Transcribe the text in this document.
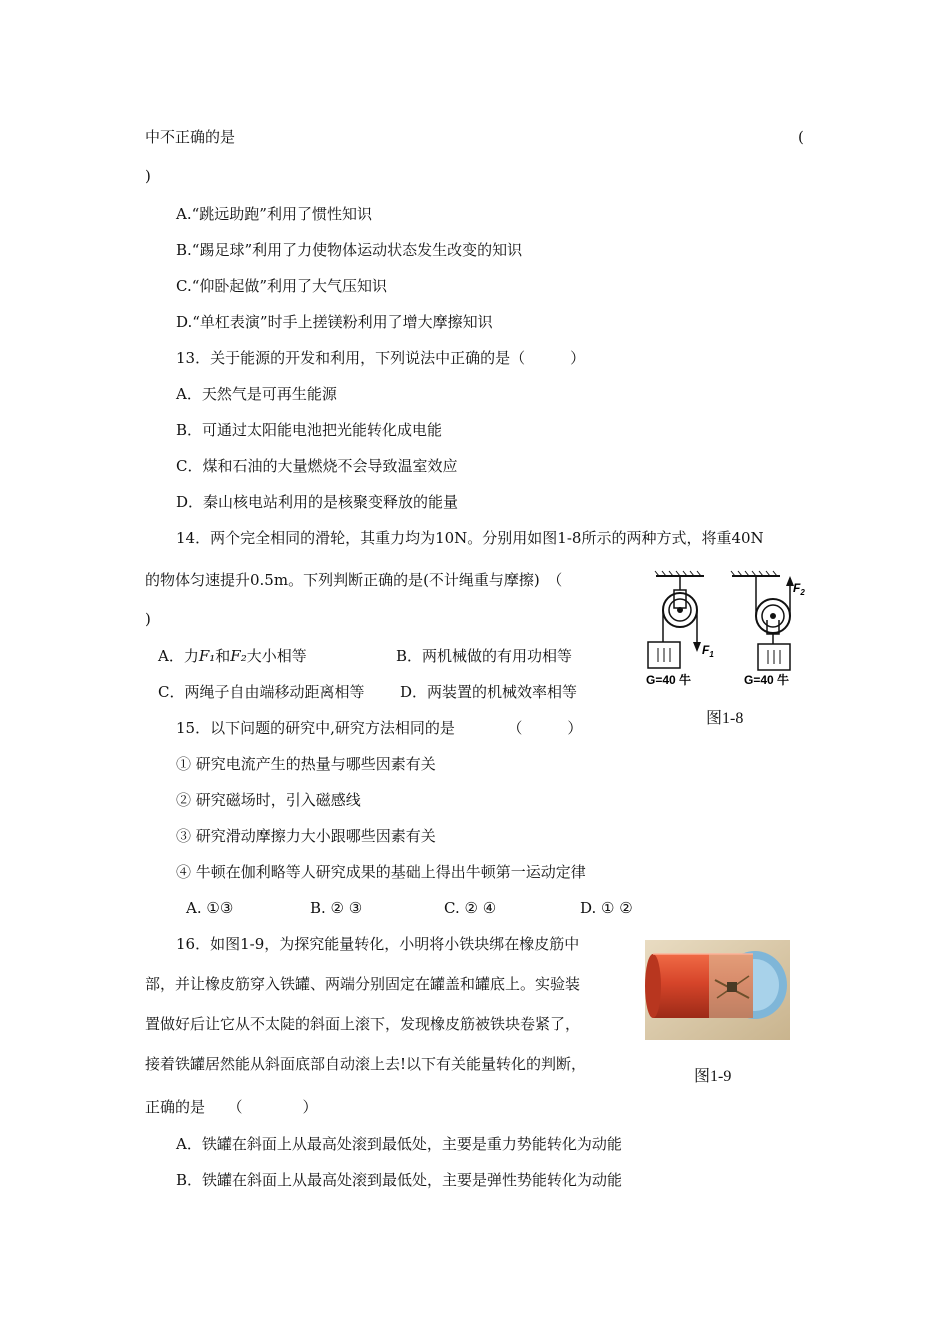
中不正确的是	(
)
A.“跳远助跑”利用了惯性知识
B.“踢足球”利用了力使物体运动状态发生改变的知识
C.“仰卧起做”利用了大气压知识
D.“单杠表演”时手上搓镁粉利用了增大摩擦知识
13．关于能源的开发和利用，下列说法中正确的是（　　　）
A．天然气是可再生能源
B．可通过太阳能电池把光能转化成电能
C．煤和石油的大量燃烧不会导致温室效应
D．秦山核电站利用的是核聚变释放的能量
14．两个完全相同的滑轮，其重力均为10N。分别用如图1-8所示的两种方式，将重40N
的物体匀速提升0.5m。下列判断正确的是(不计绳重与摩擦)　（
)
A．力F₁和F₂大小相等	B．两机械做的有用功相等
C．两绳子自由端移动距离相等 D．两装置的机械效率相等
$F_1$
G=40 牛
$F_2$
G=40 牛
图1-8
15．以下问题的研究中,研究方法相同的是　　　　（　　　）
① 研究电流产生的热量与哪些因素有关
② 研究磁场时，引入磁感线
③ 研究滑动摩擦力大小跟哪些因素有关
④ 牛顿在伽利略等人研究成果的基础上得出牛顿第一运动定律
A. ①③	B. ② ③	C. ② ④	D. ① ②
16．如图1-9，为探究能量转化，小明将小铁块绑在橡皮筋中
部，并让橡皮筋穿入铁罐、两端分别固定在罐盖和罐底上。实验装
置做好后让它从不太陡的斜面上滚下，发现橡皮筋被铁块卷紧了，
接着铁罐居然能从斜面底部自动滚上去!以下有关能量转化的判断，
正确的是　　（　　　　）
A．铁罐在斜面上从最高处滚到最低处，主要是重力势能转化为动能
B．铁罐在斜面上从最高处滚到最低处，主要是弹性势能转化为动能
图1-9
